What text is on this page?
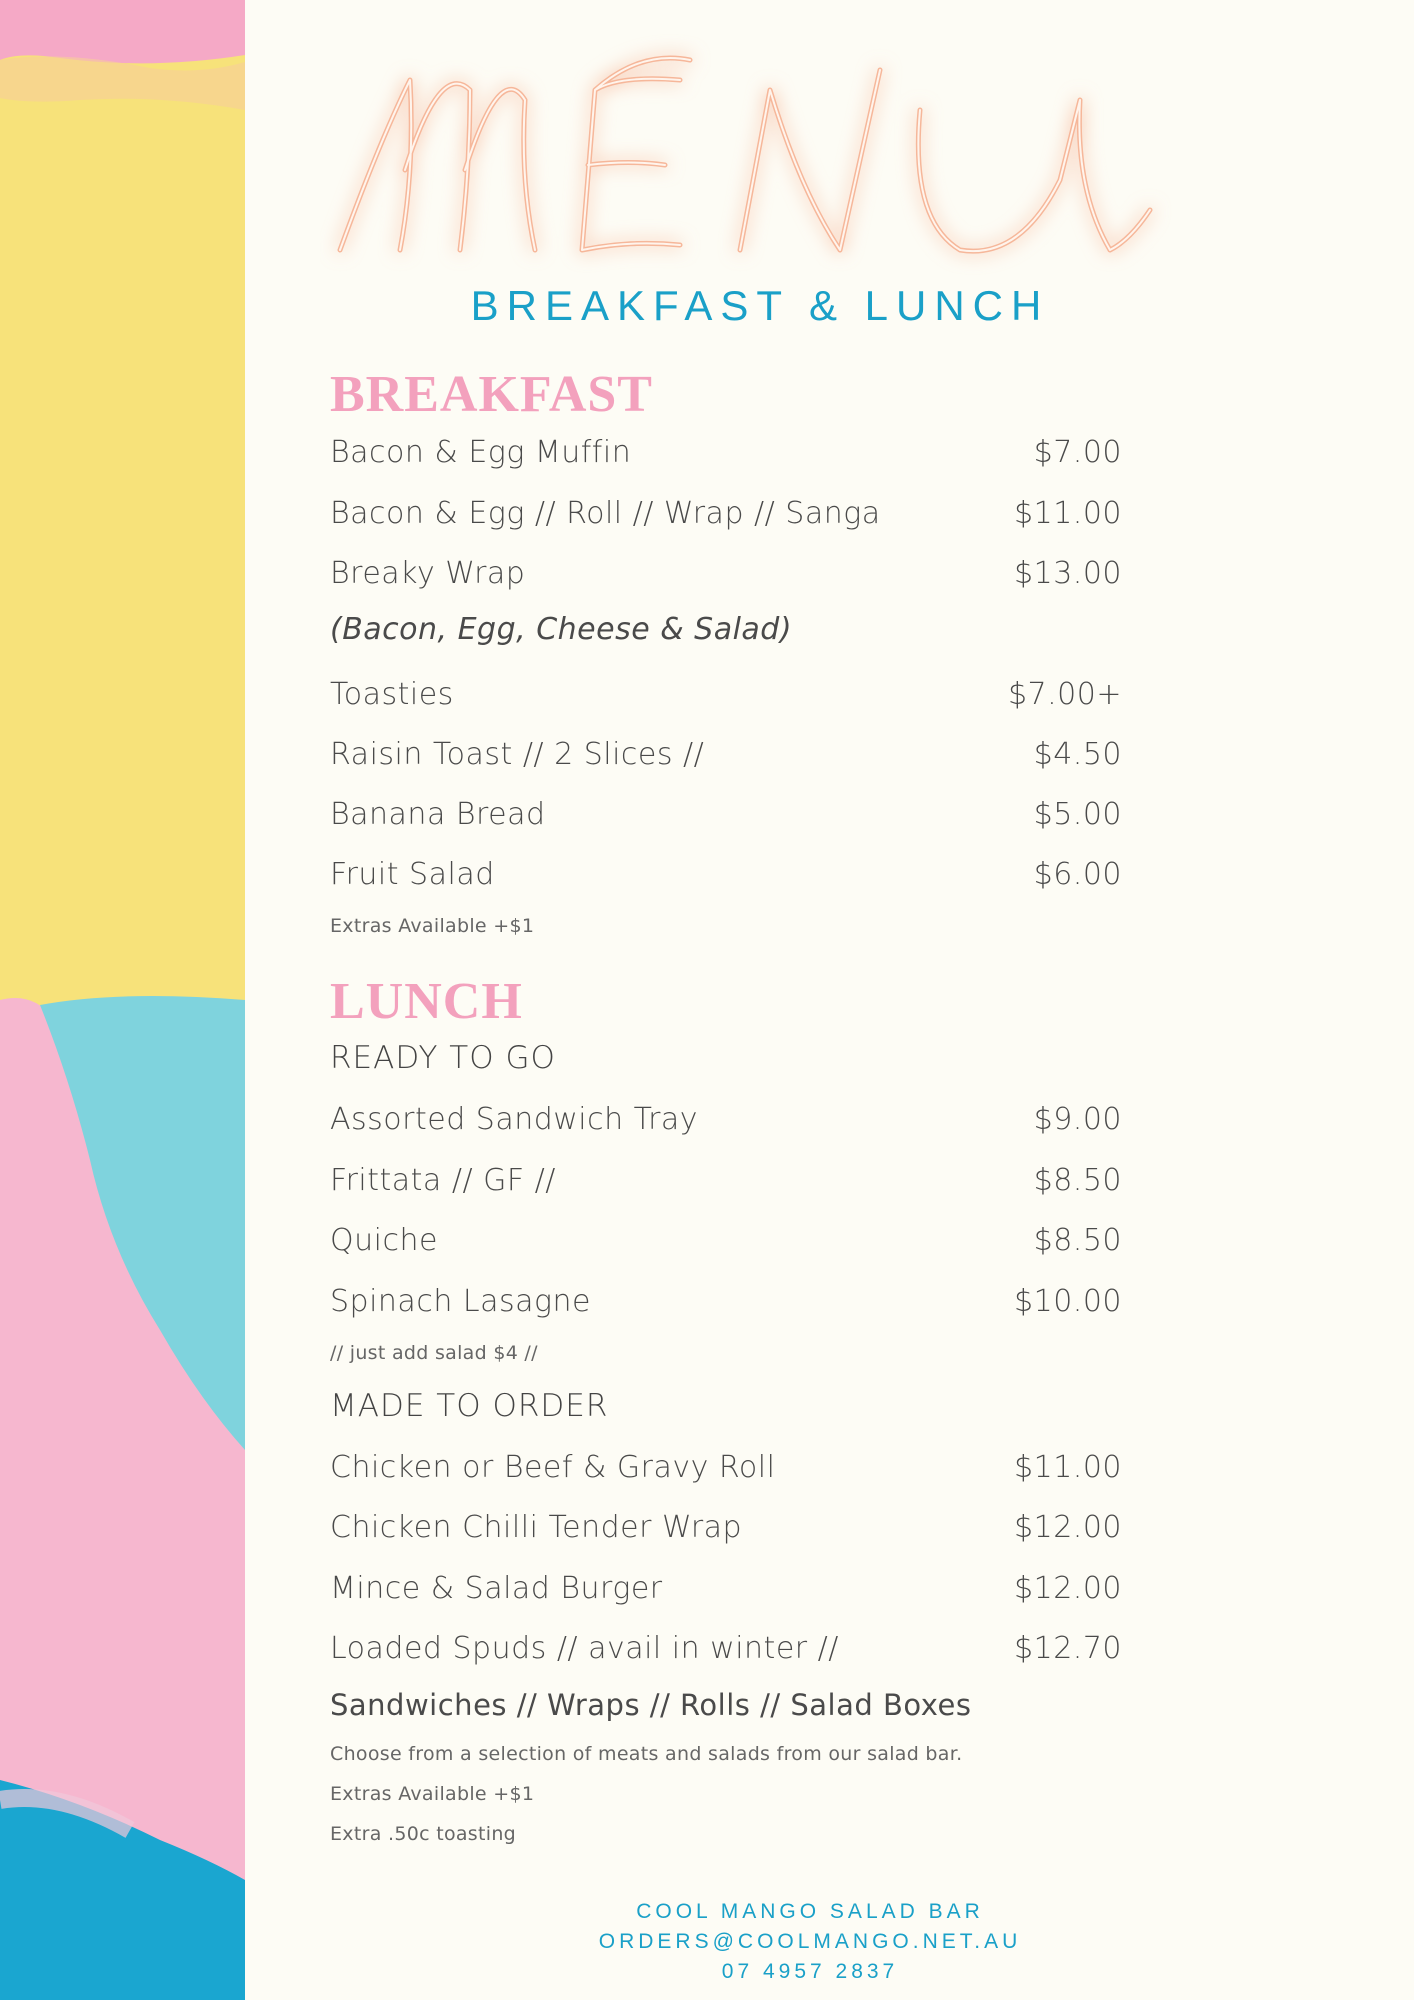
BREAKFAST & LUNCH
BREAKFAST
Bacon & Egg Muffin	$7.00
Bacon & Egg // Roll // Wrap // Sanga	$11.00
Breaky Wrap	$13.00
(Bacon, Egg, Cheese & Salad)
Toasties	$7.00+
Raisin Toast // 2 Slices //	$4.50
Banana Bread	$5.00
Fruit Salad	$6.00
Extras Available +$1
LUNCH
READY TO GO
Assorted Sandwich Tray	$9.00
Frittata // GF //	$8.50
Quiche	$8.50
Spinach Lasagne	$10.00
// just add salad $4 //
MADE TO ORDER
Chicken or Beef & Gravy Roll	$11.00
Chicken Chilli Tender Wrap	$12.00
Mince & Salad Burger	$12.00
Loaded Spuds // avail in winter //	$12.70
Sandwiches // Wraps // Rolls // Salad Boxes
Choose from a selection of meats and salads from our salad bar.
Extras Available +$1
Extra .50c toasting
COOL MANGO SALAD BAR
ORDERS@COOLMANGO.NET.AU
07 4957 2837
